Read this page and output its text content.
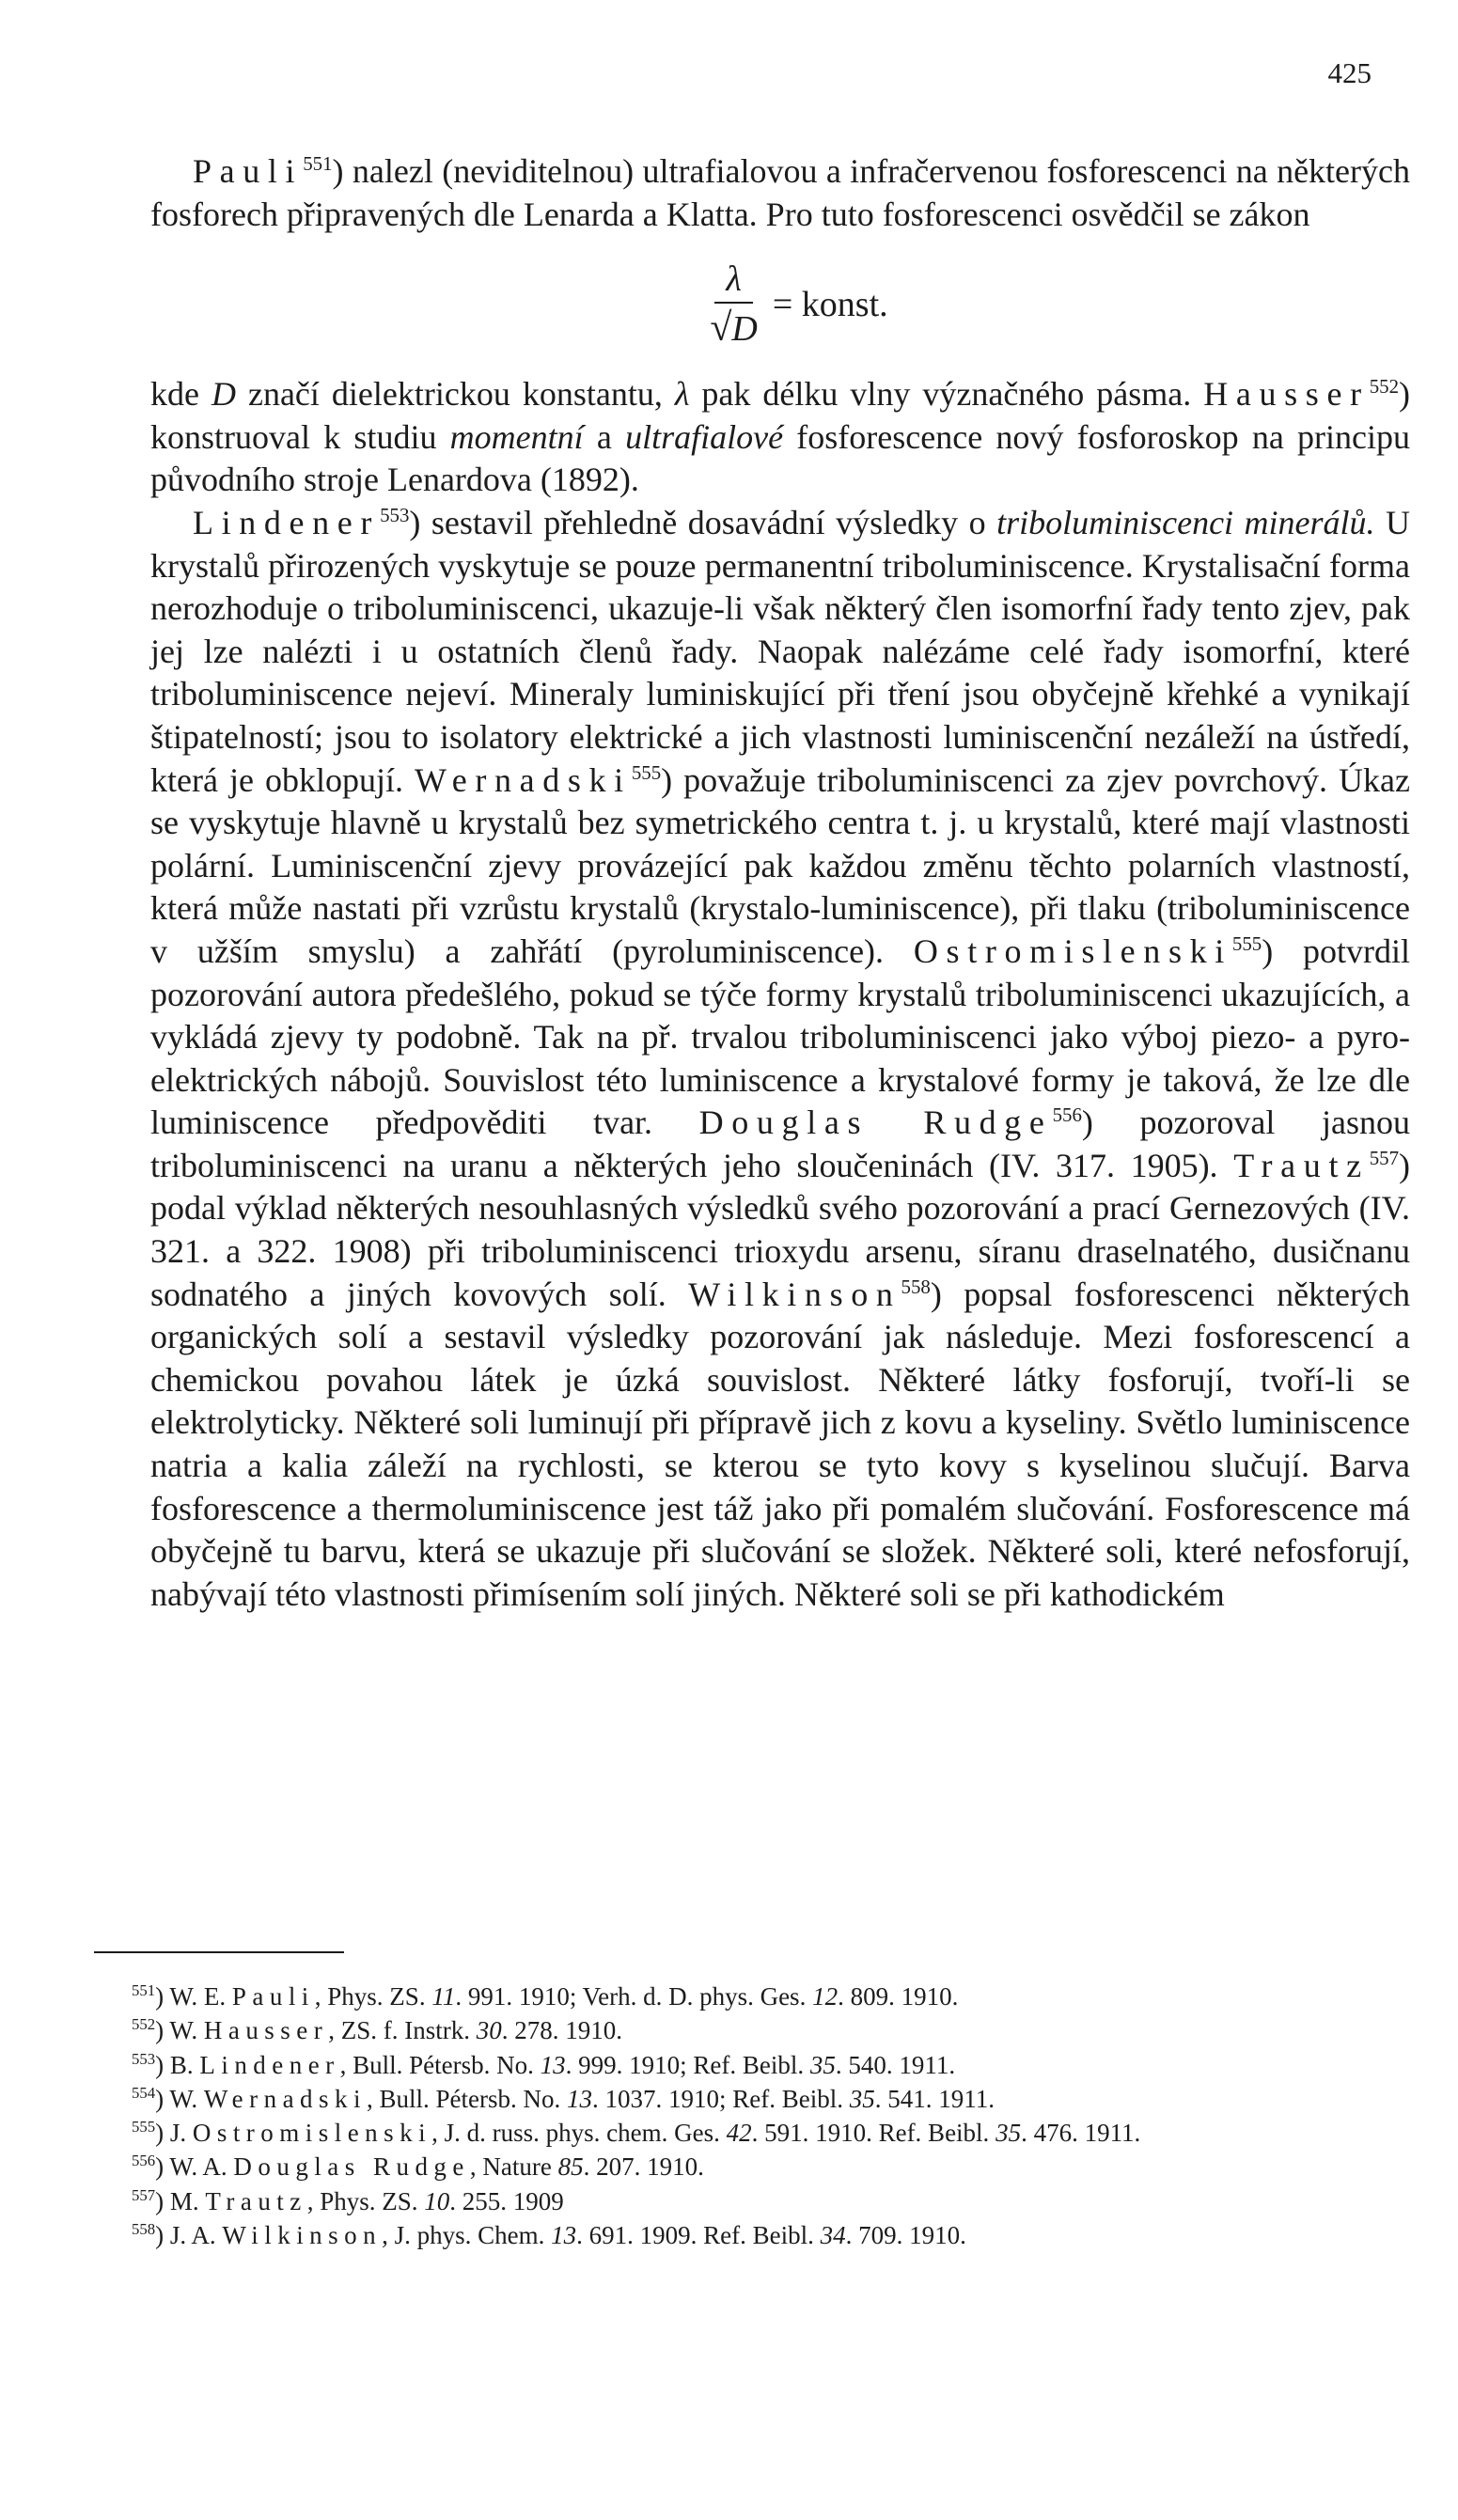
425

Pauli$^{551}$) nalezl (neviditelnou) ultrafialovou a infračervenou fosforescenci na některých fosforech připravených dle Lenarda a Klatta. Pro tuto fosforescenci osvědčil se zákon

$\frac{\lambda}{√D}$ = konst.

kde D značí dielektrickou konstantu, λ pak délku vlny význačného pásma. Hausser$^{552}$) konstruoval k studiu momentní a ultrafialové fosforescence nový fosforoskop na principu původního stroje Lenardova (1892).

Lindener$^{553}$) sestavil přehledně dosavádní výsledky o triboluminiscenci minerálů. U krystalů přirozených vyskytuje se pouze permanentní triboluminiscence. Krystalisační forma nerozhoduje o triboluminiscenci, ukazuje-li však některý člen isomorfní řady tento zjev, pak jej lze nalézti i u ostatních členů řady. Naopak nalézáme celé řady isomorfní, které triboluminiscence nejeví. Mineraly luminiskující při tření jsou obyčejně křehké a vynikají štipatelností; jsou to isolatory elektrické a jich vlastnosti luminiscenční nezáleží na ústředí, která je obklopují. Wernadski$^{555}$) považuje triboluminiscenci za zjev povrchový. Úkaz se vyskytuje hlavně u krystalů bez symetrického centra t. j. u krystalů, které mají vlastnosti polární. Luminiscenční zjevy provázející pak každou změnu těchto polarních vlastností, která může nastati při vzrůstu krystalů (krystalo-luminiscence), při tlaku (triboluminiscence v užším smyslu) a zahřátí (pyroluminiscence). Ostromislenski$^{555}$) potvrdil pozorování autora předešlého, pokud se týče formy krystalů triboluminiscenci ukazujících, a vykládá zjevy ty podobně. Tak na př. trvalou triboluminiscenci jako výboj piezo- a pyro-elektrických nábojů. Souvislost této luminiscence a krystalové formy je taková, že lze dle luminiscence předpověditi tvar. Douglas Rudge$^{556}$) pozoroval jasnou triboluminiscenci na uranu a některých jeho sloučeninách (IV. 317. 1905). Trautz$^{557}$) podal výklad některých nesouhlasných výsledků svého pozorování a prací Gernezových (IV. 321. a 322. 1908) při triboluminiscenci trioxydu arsenu, síranu draselnatého, dusičnanu sodnatého a jiných kovových solí. Wilkinson$^{558}$) popsal fosforescenci některých organických solí a sestavil výsledky pozorování jak následuje. Mezi fosforescencí a chemickou povahou látek je úzká souvislost. Některé látky fosforují, tvoří-li se elektrolyticky. Některé soli luminují při přípravě jich z kovu a kyseliny. Světlo luminiscence natria a kalia záleží na rychlosti, se kterou se tyto kovy s kyselinou slučují. Barva fosforescence a thermoluminiscence jest táž jako při pomalém slučování. Fosforescence má obyčejně tu barvu, která se ukazuje při slučování se složek. Některé soli, které nefosforují, nabývají této vlastnosti přimísením solí jiných. Některé soli se při kathodickém

$^{551}$) W. E. Pauli, Phys. ZS. 11. 991. 1910; Verh. d. D. phys. Ges. 12. 809. 1910.

$^{552}$) W. Hausser, ZS. f. Instrk. 30. 278. 1910.

$^{553}$) B. Lindener, Bull. Pétersb. No. 13. 999. 1910; Ref. Beibl. 35. 540. 1911.

$^{554}$) W. Wernadski, Bull. Pétersb. No. 13. 1037. 1910; Ref. Beibl. 35. 541. 1911.

$^{555}$) J. Ostromislenski, J. d. russ. phys. chem. Ges. 42. 591. 1910. Ref. Beibl. 35. 476. 1911.

$^{556}$) W. A. Douglas Rudge, Nature 85. 207. 1910.

$^{557}$) M. Trautz, Phys. ZS. 10. 255. 1909

$^{558}$) J. A. Wilkinson, J. phys. Chem. 13. 691. 1909. Ref. Beibl. 34. 709. 1910.
